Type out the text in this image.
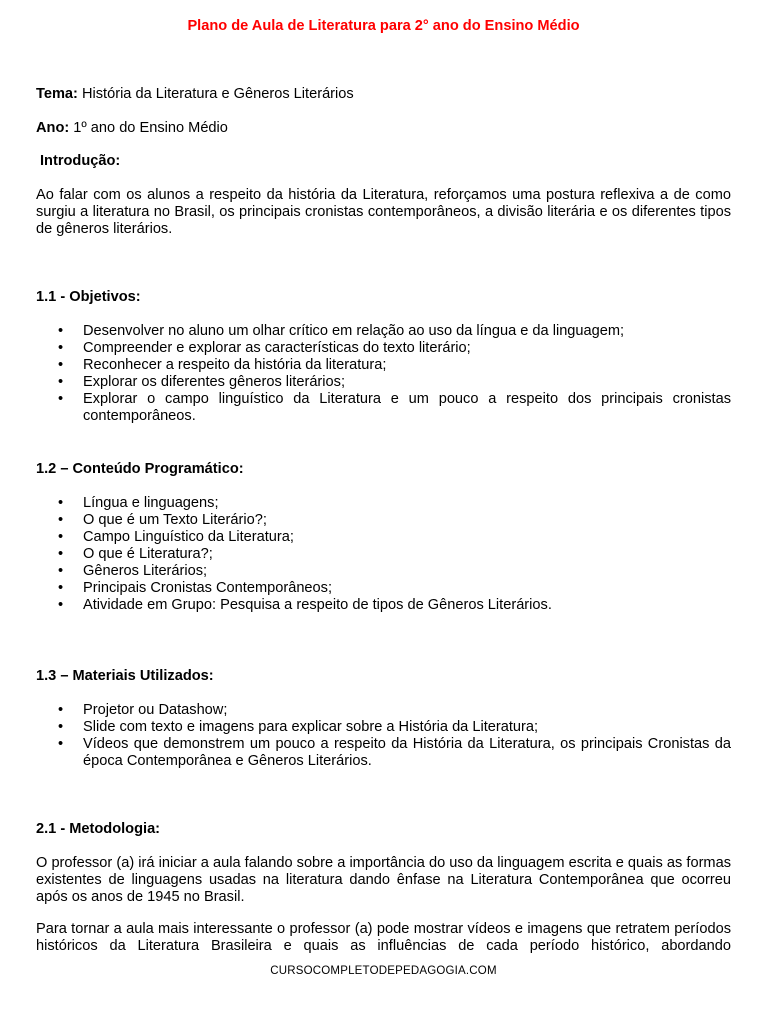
Plano de Aula de Literatura para 2° ano do Ensino Médio
Tema: História da Literatura e Gêneros Literários
Ano: 1º ano do Ensino Médio
Introdução:
Ao falar com os alunos a respeito da história da Literatura, reforçamos uma postura reflexiva a de como surgiu a literatura no Brasil, os principais cronistas contemporâneos, a divisão literária e os diferentes tipos de gêneros literários.
1.1 - Objetivos:
• Desenvolver no aluno um olhar crítico em relação ao uso da língua e da linguagem;
• Compreender e explorar as características do texto literário;
• Reconhecer a respeito da história da literatura;
• Explorar os diferentes gêneros literários;
• Explorar o campo linguístico da Literatura e um pouco a respeito dos principais cronistas contemporâneos.
1.2 – Conteúdo Programático:
• Língua e linguagens;
• O que é um Texto Literário?;
• Campo Linguístico da Literatura;
• O que é Literatura?;
• Gêneros Literários;
• Principais Cronistas Contemporâneos;
• Atividade em Grupo: Pesquisa a respeito de tipos de Gêneros Literários.
1.3 – Materiais Utilizados:
• Projetor ou Datashow;
• Slide com texto e imagens para explicar sobre a História da Literatura;
• Vídeos que demonstrem um pouco a respeito da História da Literatura, os principais Cronistas da época Contemporânea e Gêneros Literários.
2.1 - Metodologia:
O professor (a) irá iniciar a aula falando sobre a importância do uso da linguagem escrita e quais as formas existentes de linguagens usadas na literatura dando ênfase na Literatura Contemporânea que ocorreu após os anos de 1945 no Brasil.
Para tornar a aula mais interessante o professor (a) pode mostrar vídeos e imagens que retratem períodos históricos da Literatura Brasileira e quais as influências de cada período histórico, abordando
CURSOCOMPLETODEPEDAGOGIA.COM
